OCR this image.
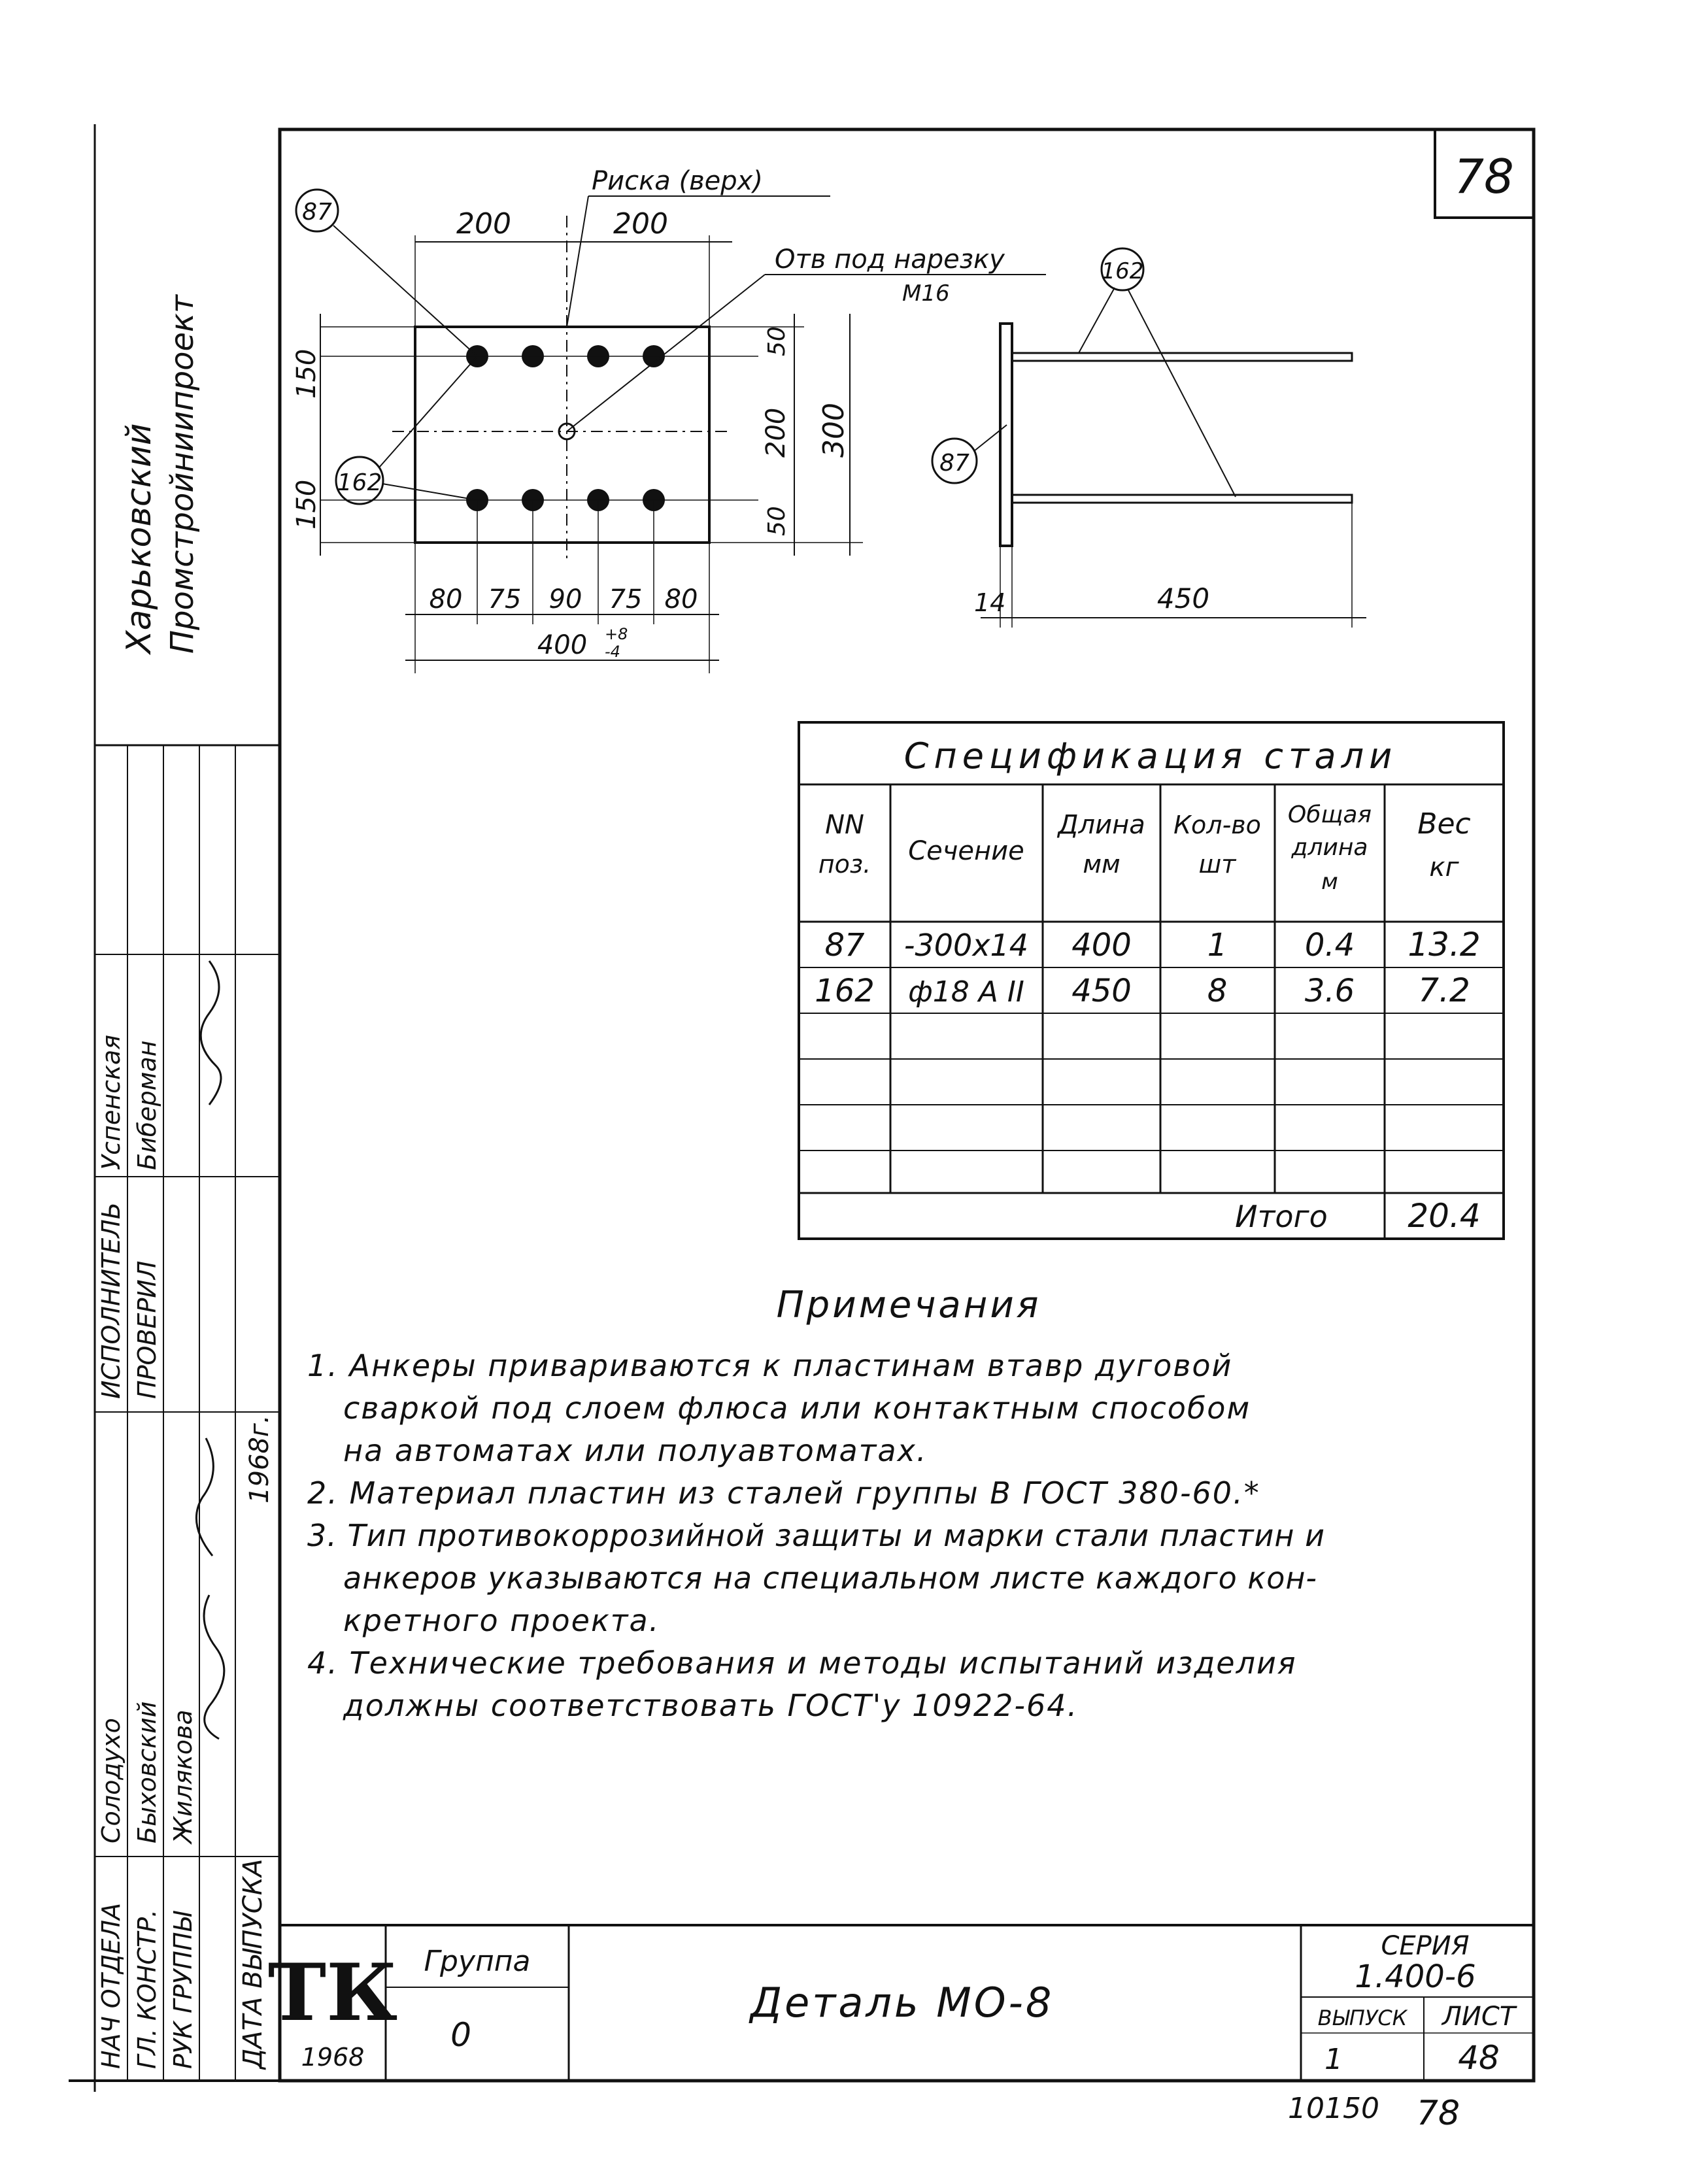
78
Харьковский Промстройниипроект
НАЧ ОТДЕЛА ГЛ. КОНСТР. РУК ГРУППЫ
Солодухо Быховский Жилякова
ИСПОЛНИТЕЛЬ ПРОВЕРИЛ
Успенская Биберман
ДАТА ВЫПУСКА
1968г.
200	200
150
150
50
200
50
300
80 75 90 75 80
400 +8
-4
87
162
Риска (верх)
Отв под нарезку
М16
162
87
14	450
Спецификация стали
NN
поз. Сечение
Длина
мм
Кол-во
шт
Общая
длина
м
Вес
кг
87 -300x14 400 1 0.4 13.2
162 ф18 А II 450 8 3.6 7.2
Итого 20.4
Примечания
1. Анкеры привариваются к пластинам втавр дуговой
сваркой под слоем флюса или контактным способом
на автоматах или полуавтоматах.
2. Материал пластин из сталей группы В ГОСТ 380-60.*
3. Тип противокоррозийной защиты и марки стали пластин и
анкеров указываются на специальном листе каждого кон-
кретного проекта.
4. Технические требования и методы испытаний изделия
должны соответствовать ГОСТ'у 10922-64.
ТК
1968
Группа
0
Деталь МО-8
СЕРИЯ
1.400-6
ВЫПУСК
1
ЛИСТ
48
10150 78
